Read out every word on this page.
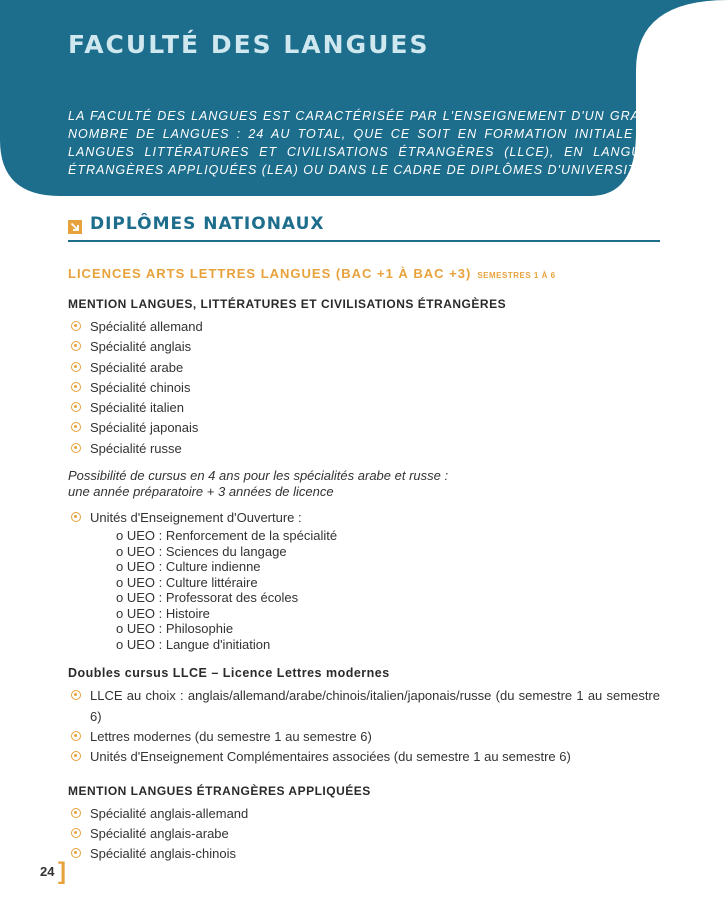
FACULTÉ DES LANGUES

LA FACULTÉ DES LANGUES EST CARACTÉRISÉE PAR L'ENSEIGNEMENT D'UN GRAND NOMBRE DE LANGUES : 24 AU TOTAL, QUE CE SOIT EN FORMATION INITIALE EN LANGUES LITTÉRATURES ET CIVILISATIONS ÉTRANGÈRES (LLCE), EN LANGUES ÉTRANGÈRES APPLIQUÉES (LEA) OU DANS LE CADRE DE DIPLÔMES D'UNIVERSITÉ.

DIPLÔMES NATIONAUX

LICENCES ARTS LETTRES LANGUES (BAC +1 À BAC +3) SEMESTRES 1 À 6

MENTION LANGUES, LITTÉRATURES ET CIVILISATIONS ÉTRANGÈRES

Spécialité allemand
Spécialité anglais
Spécialité arabe
Spécialité chinois
Spécialité italien
Spécialité japonais
Spécialité russe

Possibilité de cursus en 4 ans pour les spécialités arabe et russe :
une année préparatoire + 3 années de licence

Unités d'Enseignement d'Ouverture :
o UEO : Renforcement de la spécialité
o UEO : Sciences du langage
o UEO : Culture indienne
o UEO : Culture littéraire
o UEO : Professorat des écoles
o UEO : Histoire
o UEO : Philosophie
o UEO : Langue d'initiation

Doubles cursus LLCE – Licence Lettres modernes

LLCE au choix : anglais/allemand/arabe/chinois/italien/japonais/russe (du semestre 1 au semestre 6)
Lettres modernes (du semestre 1 au semestre 6)
Unités d'Enseignement Complémentaires associées (du semestre 1 au semestre 6)

MENTION LANGUES ÉTRANGÈRES APPLIQUÉES

Spécialité anglais-allemand
Spécialité anglais-arabe
Spécialité anglais-chinois
24 ]
